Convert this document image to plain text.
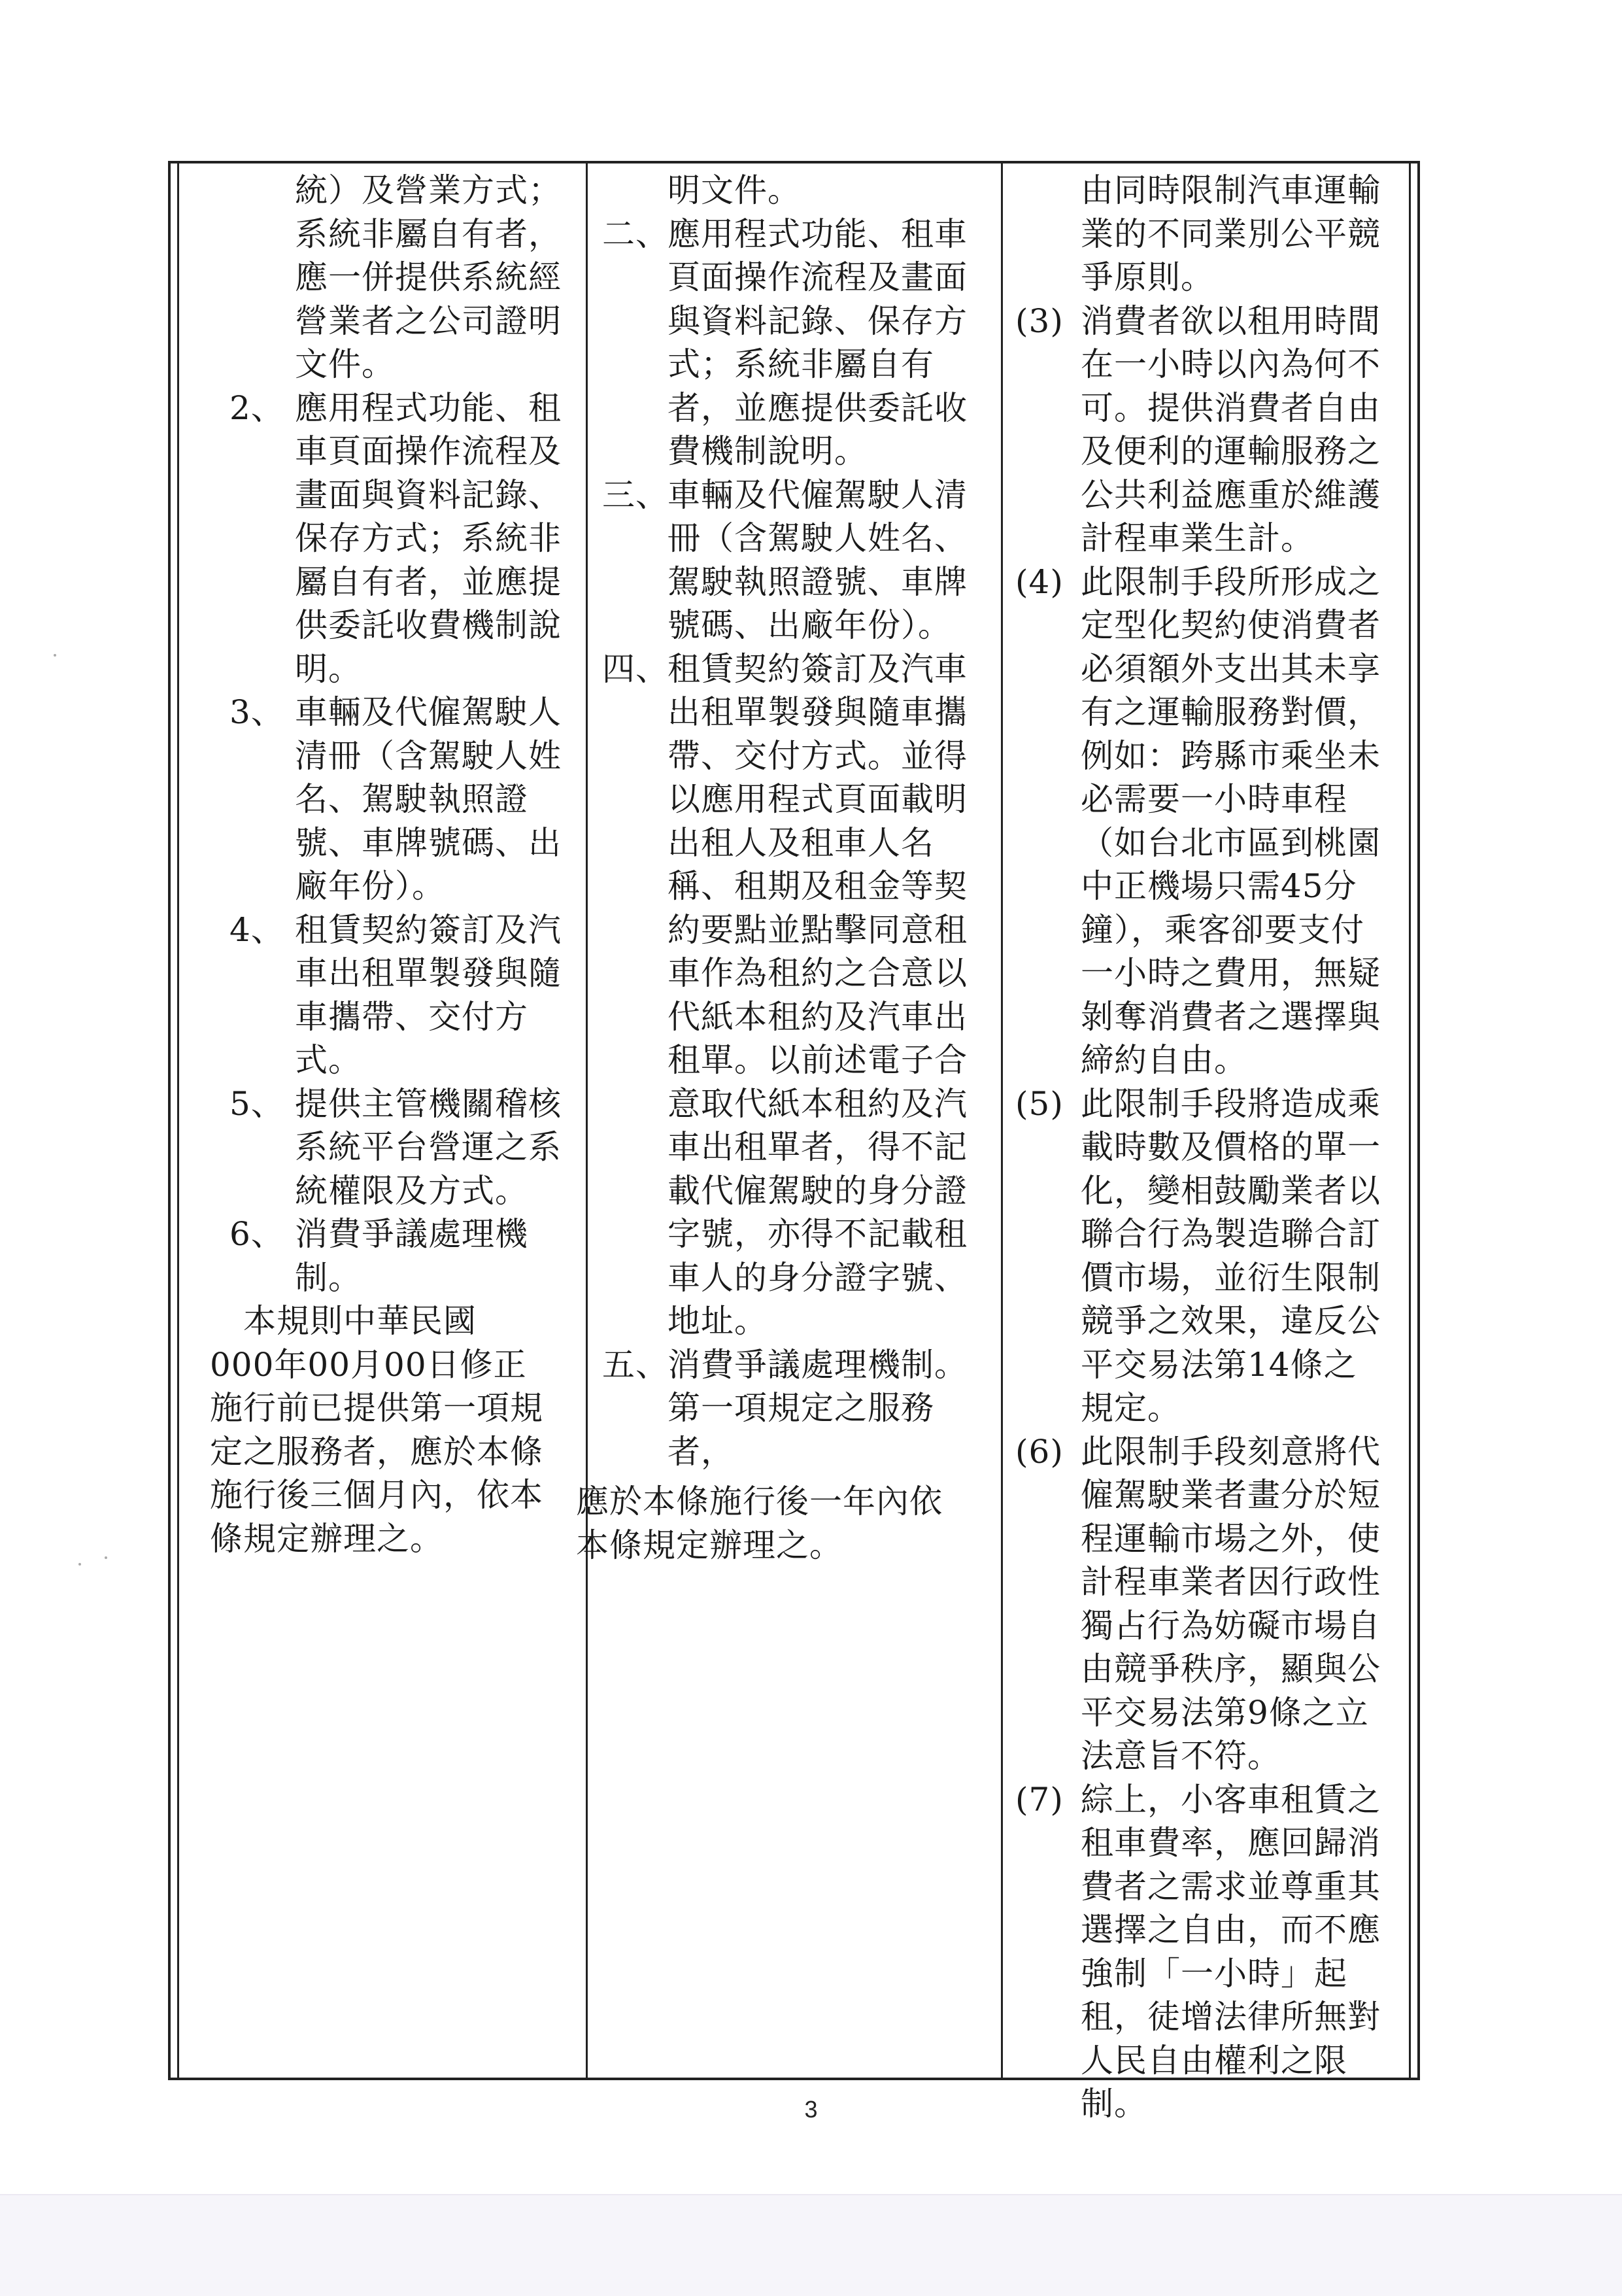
統）及營業方式；
系統非屬自有者，
應一併提供系統經
營業者之公司證明
文件。
2、 應用程式功能、租
車頁面操作流程及
畫面與資料記錄、
保存方式；系統非
屬自有者，並應提
供委託收費機制說
明。
3、 車輛及代僱駕駛人
清冊（含駕駛人姓
名、駕駛執照證
號、車牌號碼、出
廠年份）。
4、 租賃契約簽訂及汽
車出租單製發與隨
車攜帶、交付方
式。
5、 提供主管機關稽核
系統平台營運之系
統權限及方式。
6、 消費爭議處理機
制。
　本規則中華民國
000年00月00日修正
施行前已提供第一項規
定之服務者，應於本條
施行後三個月內，依本
條規定辦理之。
明文件。
二、
應用程式功能、租車
頁面操作流程及畫面
與資料記錄、保存方
式；系統非屬自有
者，並應提供委託收
費機制說明。
三、
車輛及代僱駕駛人清
冊（含駕駛人姓名、
駕駛執照證號、車牌
號碼、出廠年份）。
四、
租賃契約簽訂及汽車
出租單製發與隨車攜
帶、交付方式。並得
以應用程式頁面載明
出租人及租車人名
稱、租期及租金等契
約要點並點擊同意租
車作為租約之合意以
代紙本租約及汽車出
租單。以前述電子合
意取代紙本租約及汽
車出租單者，得不記
載代僱駕駛的身分證
字號，亦得不記載租
車人的身分證字號、
地址。
五、
消費爭議處理機制。
第一項規定之服務
者，
應於本條施行後一年內依
本條規定辦理之。
由同時限制汽車運輸
業的不同業別公平競
爭原則。
(3) 消費者欲以租用時間
在一小時以內為何不
可。提供消費者自由
及便利的運輸服務之
公共利益應重於維護
計程車業生計。
(4) 此限制手段所形成之
定型化契約使消費者
必須額外支出其未享
有之運輸服務對價，
例如：跨縣市乘坐未
必需要一小時車程
（如台北市區到桃園
中正機場只需45分
鐘），乘客卻要支付
一小時之費用，無疑
剝奪消費者之選擇與
締約自由。
(5) 此限制手段將造成乘
載時數及價格的單一
化，變相鼓勵業者以
聯合行為製造聯合訂
價市場，並衍生限制
競爭之效果，違反公
平交易法第14條之
規定。
(6) 此限制手段刻意將代
僱駕駛業者畫分於短
程運輸市場之外，使
計程車業者因行政性
獨占行為妨礙市場自
由競爭秩序，顯與公
平交易法第9條之立
法意旨不符。
(7) 綜上，小客車租賃之
租車費率，應回歸消
費者之需求並尊重其
選擇之自由，而不應
強制「一小時」起
租，徒增法律所無對
人民自由權利之限
制。
3
